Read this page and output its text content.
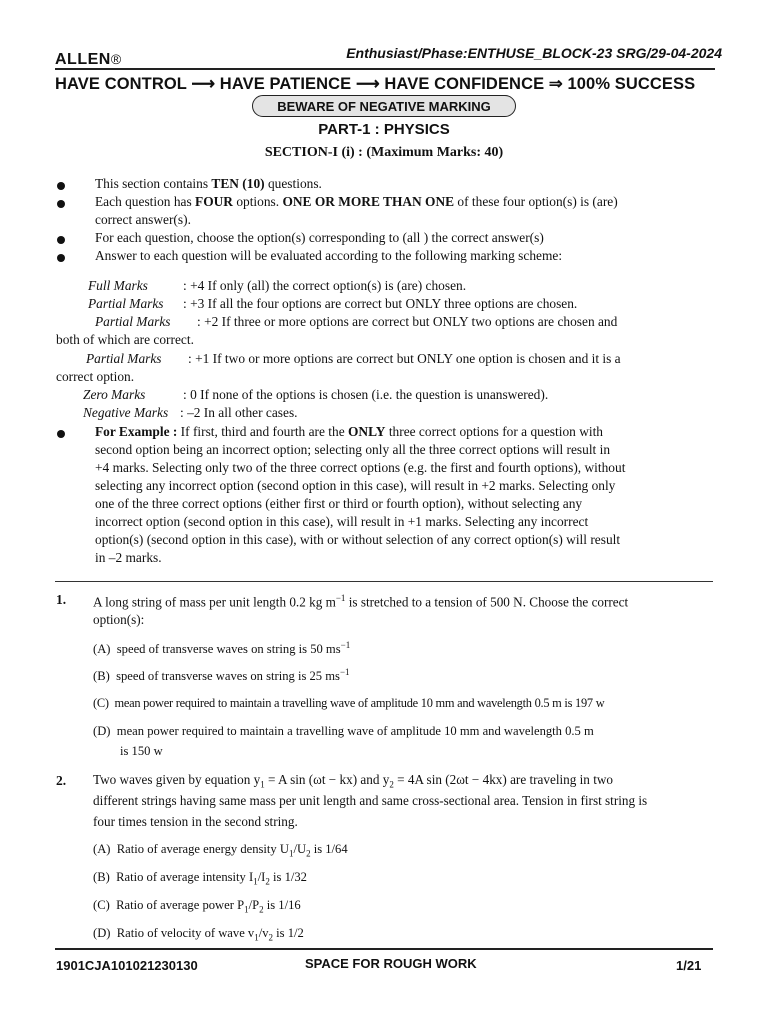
Enthusiast/Phase:ENTHUSE_BLOCK-23 SRG/29-04-2024
ALLEN®
HAVE CONTROL ⟶ HAVE PATIENCE ⟶ HAVE CONFIDENCE ⇒ 100% SUCCESS
BEWARE OF NEGATIVE MARKING
PART-1 : PHYSICS
SECTION-I (i) : (Maximum Marks: 40)
This section contains TEN (10) questions.
Each question has FOUR options. ONE OR MORE THAN ONE of these four option(s) is (are)
correct answer(s).
For each question, choose the option(s) corresponding to (all ) the correct answer(s)
Answer to each question will be evaluated according to the following marking scheme:
Full Marks	: +4 If only (all) the correct option(s) is (are) chosen.
Partial Marks : +3 If all the four options are correct but ONLY three options are chosen.
Partial Marks : +2 If three or more options are correct but ONLY two options are chosen and
both of which are correct.
Partial Marks : +1 If two or more options are correct but ONLY one option is chosen and it is a
correct option.
Zero Marks	: 0 If none of the options is chosen (i.e. the question is unanswered).
Negative Marks : –2 In all other cases.
For Example : If first, third and fourth are the ONLY three correct options for a question with
second option being an incorrect option; selecting only all the three correct options will result in
+4 marks. Selecting only two of the three correct options (e.g. the first and fourth options), without
selecting any incorrect option (second option in this case), will result in +2 marks. Selecting only
one of the three correct options (either first or third or fourth option), without selecting any
incorrect option (second option in this case), will result in +1 marks. Selecting any incorrect
option(s) (second option in this case), with or without selection of any correct option(s) will result
in –2 marks.
1. A long string of mass per unit length 0.2 kg $m^{-1}$ is stretched to a tension of 500 N. Choose the correct
option(s):
(A) speed of transverse waves on string is 50 $ms^{-1}$
(B) speed of transverse waves on string is 25 $ms^{-1}$
(C) mean power required to maintain a travelling wave of amplitude 10 mm and wavelength 0.5 m is 197 w
(D) mean power required to maintain a travelling wave of amplitude 10 mm and wavelength 0.5 m
is 150 w
2. Two waves given by equation $y_1 = A$ sin (ωt − kx) and $y_2 = 4A$ sin (2ωt − 4kx) are traveling in two
different strings having same mass per unit length and same cross-sectional area. Tension in first string is
four times tension in the second string.
(A) Ratio of average energy density $U_1/U_2$ is 1/64
(B) Ratio of average intensity $I_1/I_2$ is 1/32
(C) Ratio of average power $P_1/P_2$ is 1/16
(D) Ratio of velocity of wave $v_1/v_2$ is 1/2
1901CJA101021230130	SPACE FOR ROUGH WORK	1/21
